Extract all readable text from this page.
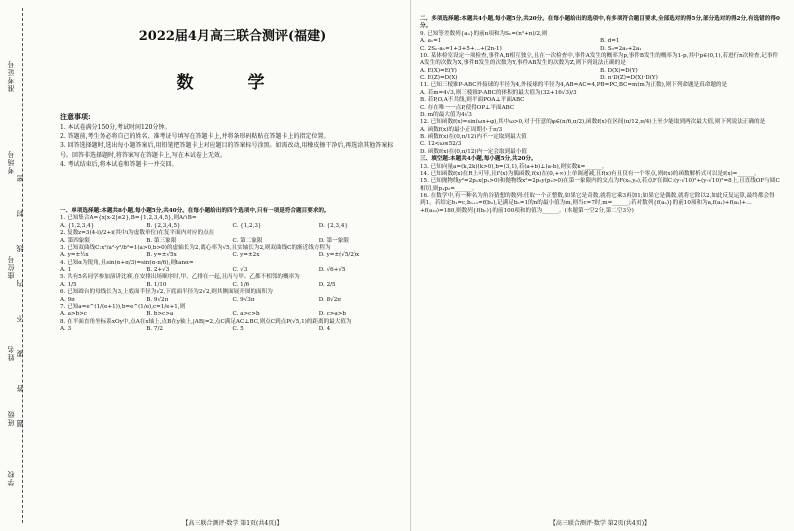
准考证号
考场号
座位号
姓名
班级
学校
密
封
线
内
不
要
答
题
2022届4月高三联合测评(福建)
数 学
注意事项:

1. 本试卷满分150分,考试时间120分钟。

2. 答题前,考生务必将自己的姓名、准考证号填写在答题卡上,并将条形码粘贴在答题卡上的指定位置。

3. 回答选择题时,选出每小题答案后,用铅笔把答题卡上对应题目的答案标号涂黑。如需改动,用橡皮擦干净后,再选涂其他答案标号。回答非选择题时,将答案写在答题卡上,写在本试卷上无效。

4. 考试结束后,将本试卷和答题卡一并交回。

一、单项选择题:本题共8小题,每小题5分,共40分。在每小题给出的四个选项中,只有一项是符合题目要求的。

1. 已知集合A={x|x-2|≤2},B={1,2,3,4,5},则A∩B=

A. {1,2,3,4}	B. {2,3,4,5}	C. {1,2,3}	D. {2,3,4}

2. 复数z=3(4-i)/2+i(其中i为虚数单位)在复平面内对应的点在

A. 第四象限	B. 第三象限	C. 第二象限	D. 第一象限

3. 已知双曲线C:x²/a²-y²/b²=1(a>0,b>0)的虚轴长为2,离心率为√5,且实轴长为2,则双曲线C的渐近线方程为

A. y=±½x	B. y=±√5x	C. y=±2x	D. y=±(√5/2)x

4. 已知α为锐角,且sin(α+π/3)=sin(α-π/6),则tanα=

A. 1	B. 2+√3	C. √3	D. √6+√5

5. 共有5名同学参加演讲比赛,在安排出场顺序时,甲、乙排在一起,且丙与甲、乙都不相邻的概率为

A. 1/5	B. 1/10	C. 1/6	D. 2/5

6. 已知圆台的母线长为3,上底面半径为√2,下底面半径为2√2,则其侧面展开图的面积为

A. 9π	B. 9√2π	C. 9√3π	D. 8√2π

7. 已知a=e^(1/(e+1)),b=e^(1/e),c=1/e+1,则

A. a>b>c	B. b>c>a	C. a>c>b	D. c>a>b

8. 在平面直角坐标系xOy中,点A在x轴上,点B在y轴上,|AB|=2,点C满足AC⊥BC,则点C到点P(√5,1)的距离的最大值为

A. 3	B. 7/2	C. 5	D. 4
【高三联合测评·数学 第1页(共4页)】

二、多项选择题:本题共4小题,每小题5分,共20分。在每小题给出的选项中,有多项符合题目要求,全部选对的得5分,部分选对的得2分,有选错的得0分。

9. 已知等差数列{aₙ}的前n项和为Sₙ=(n²+n)/2,则

A. a₁=1	B. d=1
C. 2Sₙ-aₙ=1+3+5+…+(2n-1)	D. S₃=2a₂+2a₁

10. 某体检室设定一项检查,事件A,B相互独立,且在一次检查中,事件A发生的概率为p,事件B发生的概率为1-p,其中p∈(0,1),若进行n次检查,记事件A发生的次数为X,事件B发生的次数为Y,事件AB发生的次数为Z,则下列说法正确的是

A. E(X)=E(Y)	B. D(X)=D(Y)
C. E(Z)=D(X)	D. n·D(Z)=D(X)·D(Y)

11. 已知三棱锥P-ABC外接球的半径为4,外接球的半径为4,AB=AC=4,PB=PC,BC=m(m为正数),则下列命题是真命题的是

A. 若m=4√3,则三棱锥P-ABC的体积的最大值为(32+16√3)/3

B. 若P,O,A不共线,则平面POA⊥平面ABC

C. 存在唯一一点P,使得OP⊥平面ABC

D. m的最大值为4√3

12. 已知函数f(x)=sin(ωx+φ),其中ω>0,对于任意的φ∈(π/6,π/2),函数f(x)在区间(π/12,π/4)上至少能取到两次最大值,则下列说法正确的是

A. 函数f(x)的最小正周期小于π/3

B. 函数f(x)在(0,π/12)内不一定取到最大值

C. 12<ω≤52/3

D. 函数f(x)在(0,π/12)内一定会取到最小值

三、填空题:本题共4小题,每小题5分,共20分。

13. 已知向量a=(k,2k)(k>0),b=(3,1),若(a+b)⊥(a-b),则实数k=______。

14. 已知函数f(x)在R上可导,且f'(x)为偶函数,f(x)在(0,+∞)上单调递减,且f(x)有且仅有一个零点,则f(x)的函数解析式可以是f(x)=______。

15. 已知抛物线y²=2p₁x(p₁>0)和抛物线x²=2p₂y(p₂>0)在第一象限内的交点为F(x₀,y₀),若点F在圆C:(y-√10)²+(y-√10)²=8上,且直线OF与圆C相切,则p₁p₂=______。

16. 在数学中,有一种名为角谷猜想的数列:任取一个正整数,如果它是奇数,就将它乘3再加1;如果它是偶数,就将它除以2,如此反复运算,最终都会得到1。若给定b₁=c,bₙ₊₁=f(bₙ),记满足bₙ=1的n的最小值为m,则当c=7时,m=______;若对数列{f(aₙ)}的前10项和为a,f(a₁)+f(a₂)+…+f(a₁₀)=180,则数列{f(bₙ)}的前100项和的值为______。(本题第一空2分,第二空3分)

【高三联合测评·数学 第2页(共4页)】
